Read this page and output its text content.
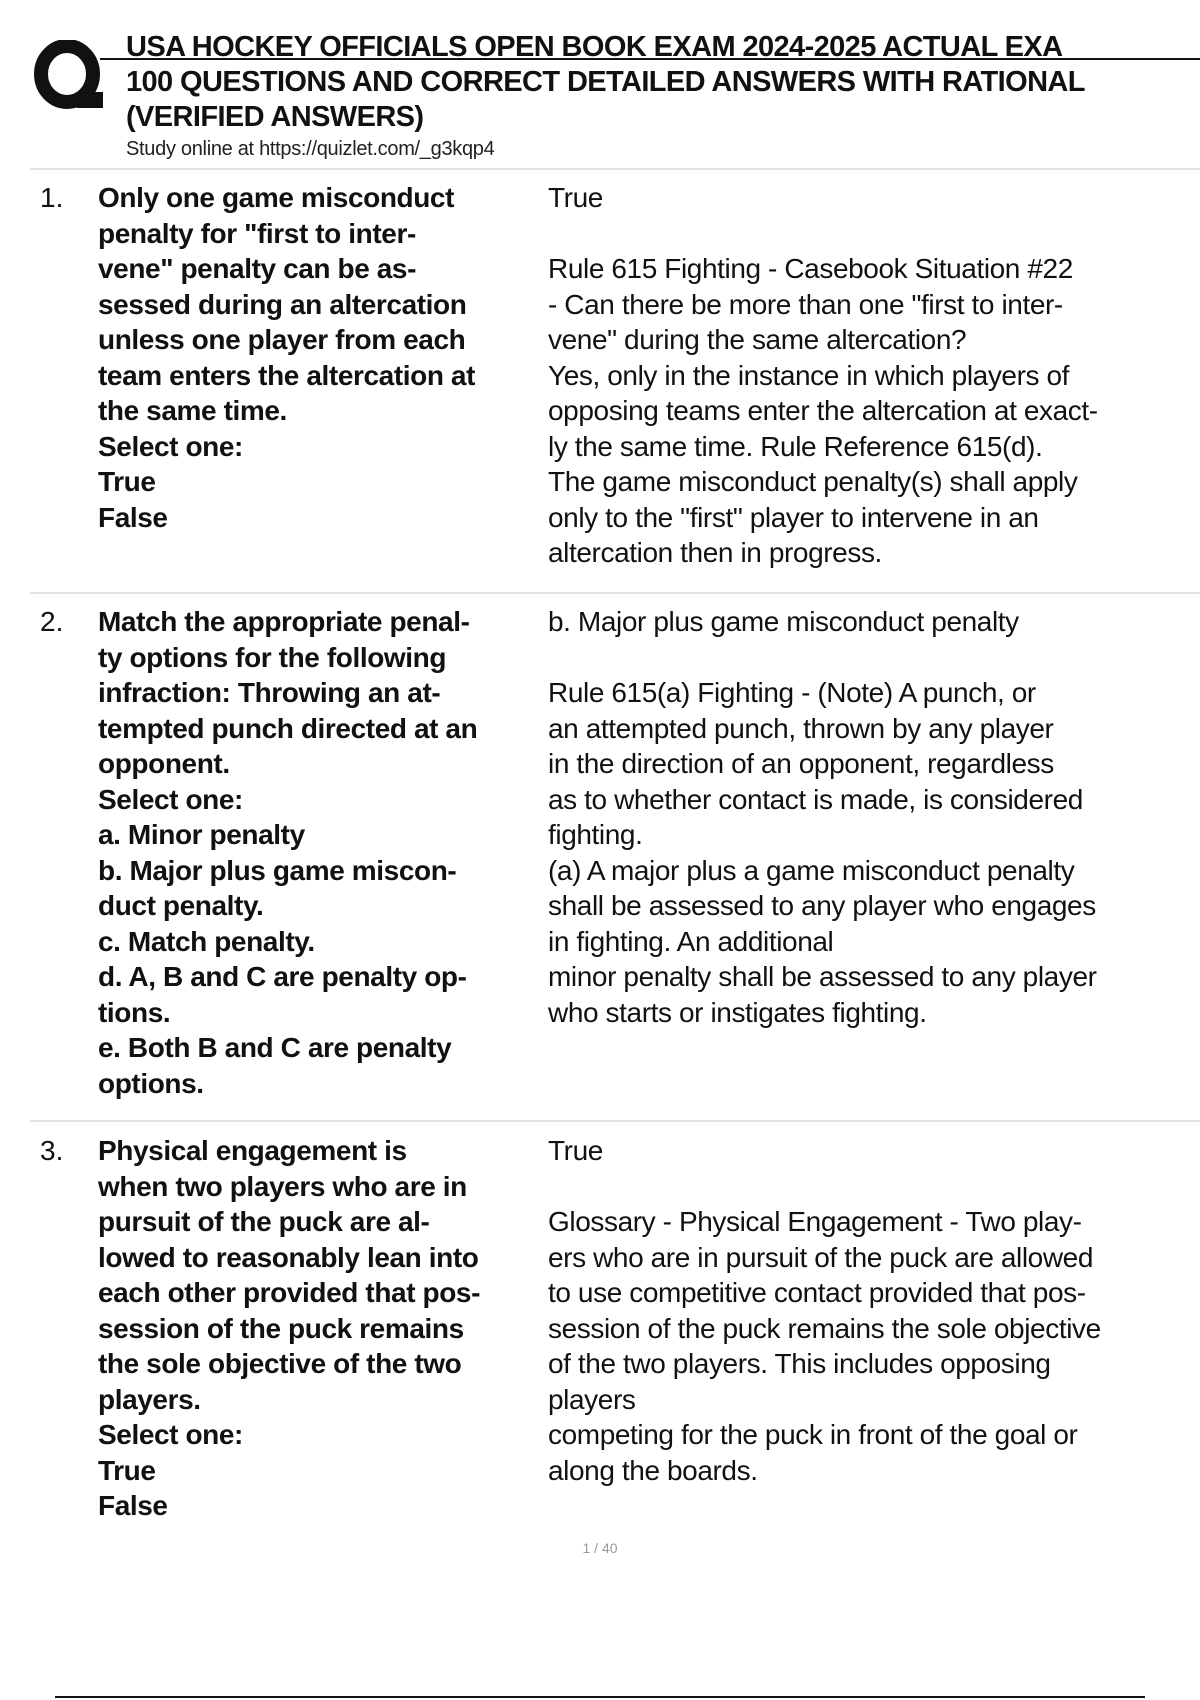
USA HOCKEY OFFICIALS OPEN BOOK EXAM 2024-2025 ACTUAL EXA
100 QUESTIONS AND CORRECT DETAILED ANSWERS WITH RATIONAL
(VERIFIED ANSWERS)
Study online at https://quizlet.com/_g3kqp4
1. Only one game misconduct
penalty for "first to inter-
vene" penalty can be as-
sessed during an altercation
unless one player from each
team enters the altercation at
the same time.
Select one:
True
False
True
Rule 615 Fighting - Casebook Situation #22
- Can there be more than one "first to inter-
vene" during the same altercation?
Yes, only in the instance in which players of
opposing teams enter the altercation at exact-
ly the same time. Rule Reference 615(d).
The game misconduct penalty(s) shall apply
only to the "first" player to intervene in an
altercation then in progress.
2. Match the appropriate penal-
ty options for the following
infraction: Throwing an at-
tempted punch directed at an
opponent.
Select one:
a. Minor penalty
b. Major plus game miscon-
duct penalty.
c. Match penalty.
d. A, B and C are penalty op-
tions.
e. Both B and C are penalty
options.
b. Major plus game misconduct penalty
Rule 615(a) Fighting - (Note) A punch, or
an attempted punch, thrown by any player
in the direction of an opponent, regardless
as to whether contact is made, is considered
fighting.
(a) A major plus a game misconduct penalty
shall be assessed to any player who engages
in fighting. An additional
minor penalty shall be assessed to any player
who starts or instigates fighting.
3. Physical engagement is
when two players who are in
pursuit of the puck are al-
lowed to reasonably lean into
each other provided that pos-
session of the puck remains
the sole objective of the two
players.
Select one:
True
False
True
Glossary - Physical Engagement - Two play-
ers who are in pursuit of the puck are allowed
to use competitive contact provided that pos-
session of the puck remains the sole objective
of the two players. This includes opposing
players
competing for the puck in front of the goal or
along the boards.
1 / 40
